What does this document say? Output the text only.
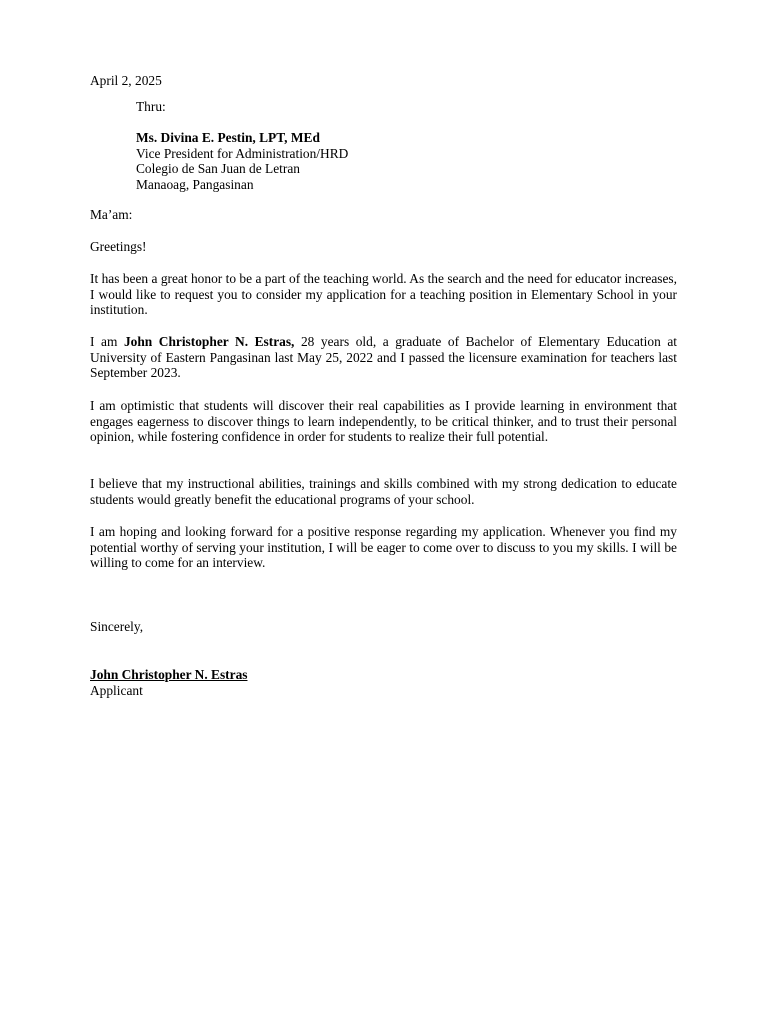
April 2, 2025

Thru:

Ms. Divina E. Pestin, LPT, MEd
Vice President for Administration/HRD
Colegio de San Juan de Letran
Manaoag, Pangasinan

Ma’am:

Greetings!

It has been a great honor to be a part of the teaching world. As the search and the need for educator increases, I would like to request you to consider my application for a teaching position in Elementary School in your institution.

I am John Christopher N. Estras, 28 years old, a graduate of Bachelor of Elementary Education at University of Eastern Pangasinan last May 25, 2022 and I passed the licensure examination for teachers last September 2023.

I am optimistic that students will discover their real capabilities as I provide learning in environment that engages eagerness to discover things to learn independently, to be critical thinker, and to trust their personal opinion, while fostering confidence in order for students to realize their full potential.

I believe that my instructional abilities, trainings and skills combined with my strong dedication to educate students would greatly benefit the educational programs of your school.

I am hoping and looking forward for a positive response regarding my application. Whenever you find my potential worthy of serving your institution, I will be eager to come over to discuss to you my skills. I will be willing to come for an interview.

Sincerely,

John Christopher N. Estras
Applicant
